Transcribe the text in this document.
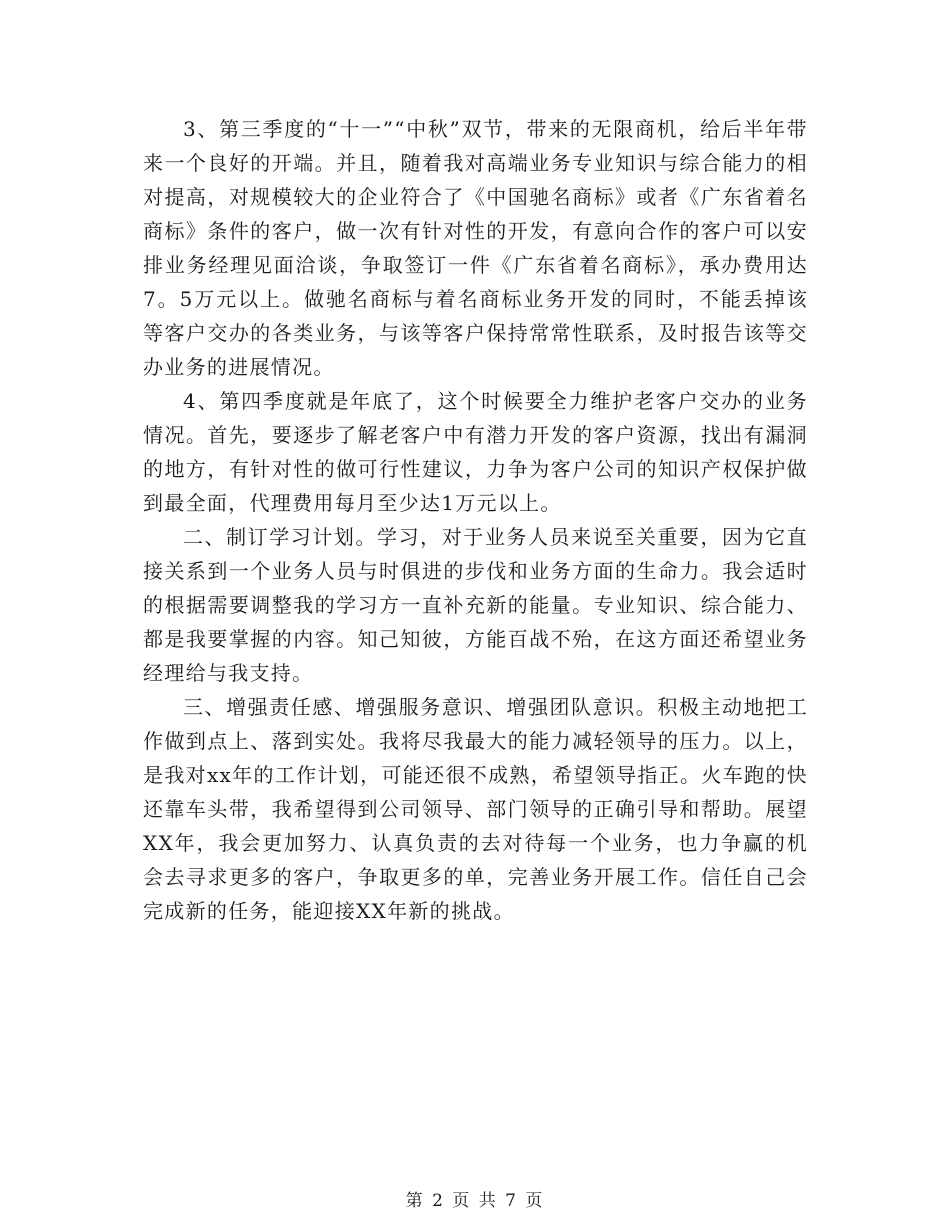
3、第三季度的“十一”“中秋”双节，带来的无限商机，给后半年带来一个良好的开端。并且，随着我对高端业务专业知识与综合能力的相对提高，对规模较大的企业符合了《中国驰名商标》或者《广东省着名商标》条件的客户，做一次有针对性的开发，有意向合作的客户可以安排业务经理见面洽谈，争取签订一件《广东省着名商标》，承办费用达7。5万元以上。做驰名商标与着名商标业务开发的同时，不能丢掉该等客户交办的各类业务，与该等客户保持常常性联系，及时报告该等交办业务的进展情况。

4、第四季度就是年底了，这个时候要全力维护老客户交办的业务情况。首先，要逐步了解老客户中有潜力开发的客户资源，找出有漏洞的地方，有针对性的做可行性建议，力争为客户公司的知识产权保护做到最全面，代理费用每月至少达1万元以上。

二、制订学习计划。学习，对于业务人员来说至关重要，因为它直接关系到一个业务人员与时俱进的步伐和业务方面的生命力。我会适时的根据需要调整我的学习方一直补充新的能量。专业知识、综合能力、都是我要掌握的内容。知己知彼，方能百战不殆，在这方面还希望业务经理给与我支持。

三、增强责任感、增强服务意识、增强团队意识。积极主动地把工作做到点上、落到实处。我将尽我最大的能力减轻领导的压力。以上，是我对xx年的工作计划，可能还很不成熟，希望领导指正。火车跑的快还靠车头带，我希望得到公司领导、部门领导的正确引导和帮助。展望XX年，我会更加努力、认真负责的去对待每一个业务，也力争赢的机会去寻求更多的客户，争取更多的单，完善业务开展工作。信任自己会完成新的任务，能迎接XX年新的挑战。

第 2 页 共 7 页
